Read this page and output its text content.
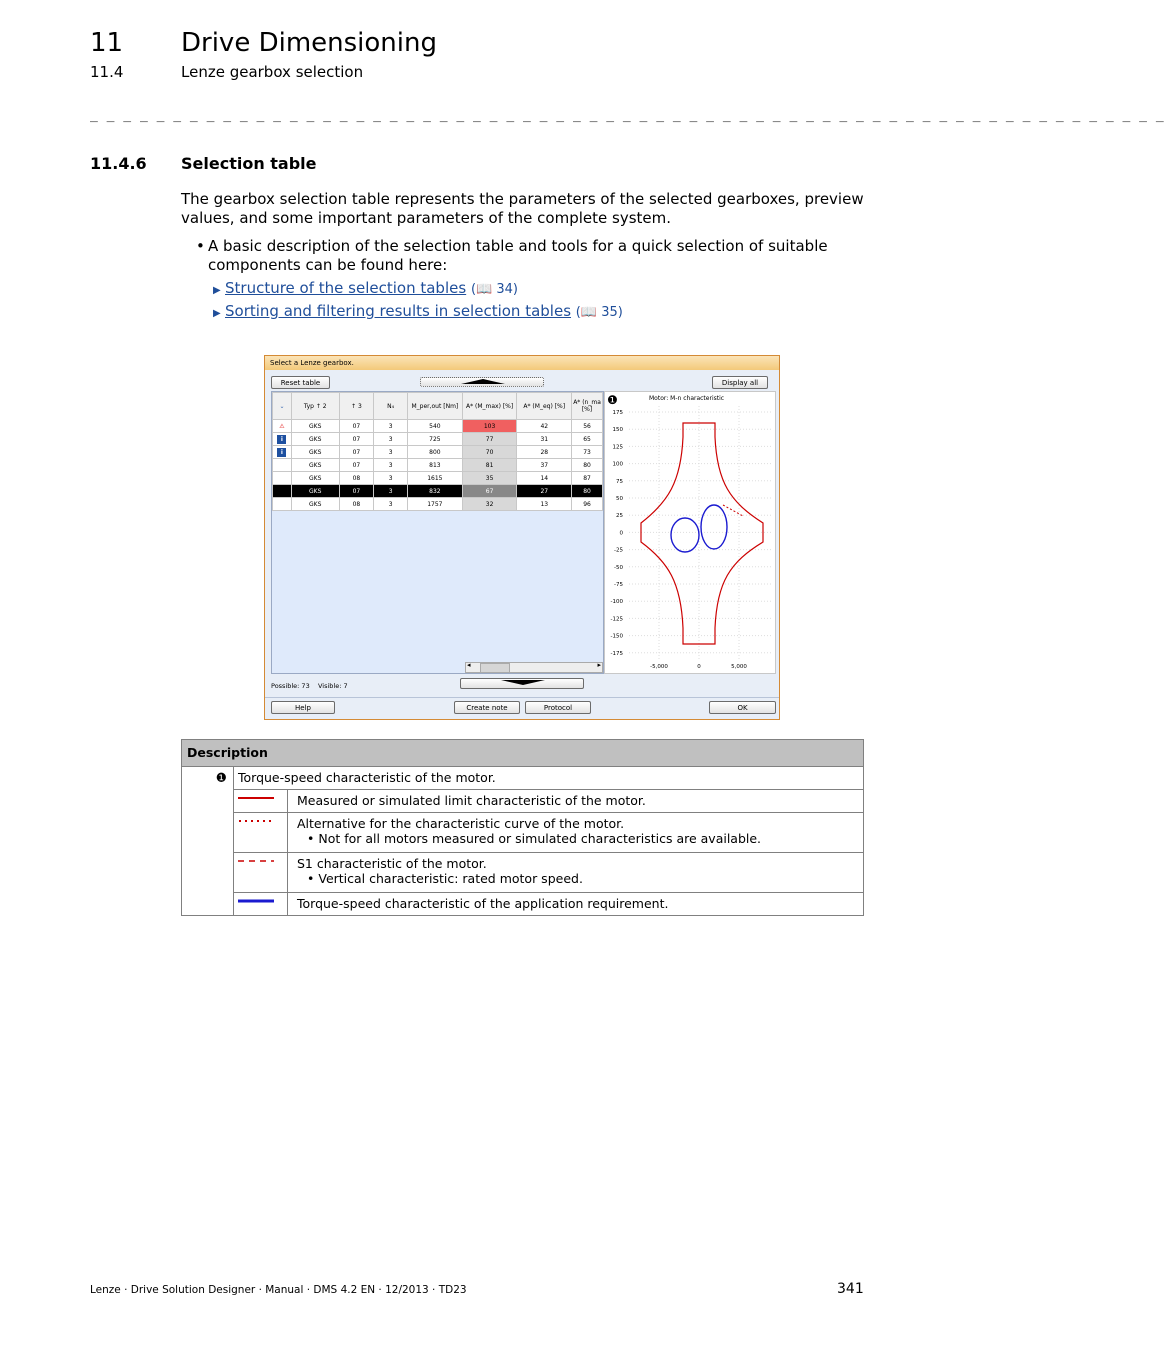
11 Drive Dimensioning
11.4	Lenze gearbox selection
_ _ _ _ _ _ _ _ _ _ _ _ _ _ _ _ _ _ _ _ _ _ _ _ _ _ _ _ _ _ _ _ _ _ _ _ _ _ _ _ _ _ _ _ _ _ _ _ _ _ _ _ _ _ _ _ _ _ _ _ _ _ _ _ _
11.4.6 Selection table
The gearbox selection table represents the parameters of the selected gearboxes, preview values, and some important parameters of the complete system.
• A basic description of the selection table and tools for a quick selection of suitable components can be found here:
▶ Structure of the selection tables (📖 34)
▶ Sorting and filtering results in selection tables (📖 35)
Select a Lenze gearbox.
Reset table	Display all
⌄	Typ ↑ 2	↑ 3	N₄	M_per,out [Nm]	A* (M_max) [%]	A* (M_eq) [%]	A* (n_ma [%]
⚠	GKS	07	3	540	103	42	56
i	GKS	07	3	725	77	31	65
i	GKS	07	3	800	70	28	73
	GKS	07	3	813	81	37	80
	GKS	08	3	1615	35	14	87
	GKS	07	3	832	67	27	80
	GKS	08	3	1757	32	13	96
◂	▸
❶	Motor: M-n characteristic
175
150
125
100
75
50
25
0
-25
-50
-75
-100
-125
-150
-175
-5,000	0	5,000
Possible: 73 Visible: 7
Help	Create note	Protocol	OK
Description		
❶	Torque-speed characteristic of the motor.	
	Measured or simulated limit characteristic of the motor.

Alternative for the characteristic curve of the motor.
• Not for all motors measured or simulated characteristics are available.

S1 characteristic of the motor.
• Vertical characteristic: rated motor speed.

	Torque-speed characteristic of the application requirement.
Lenze · Drive Solution Designer · Manual · DMS 4.2 EN · 12/2013 · TD23	341
